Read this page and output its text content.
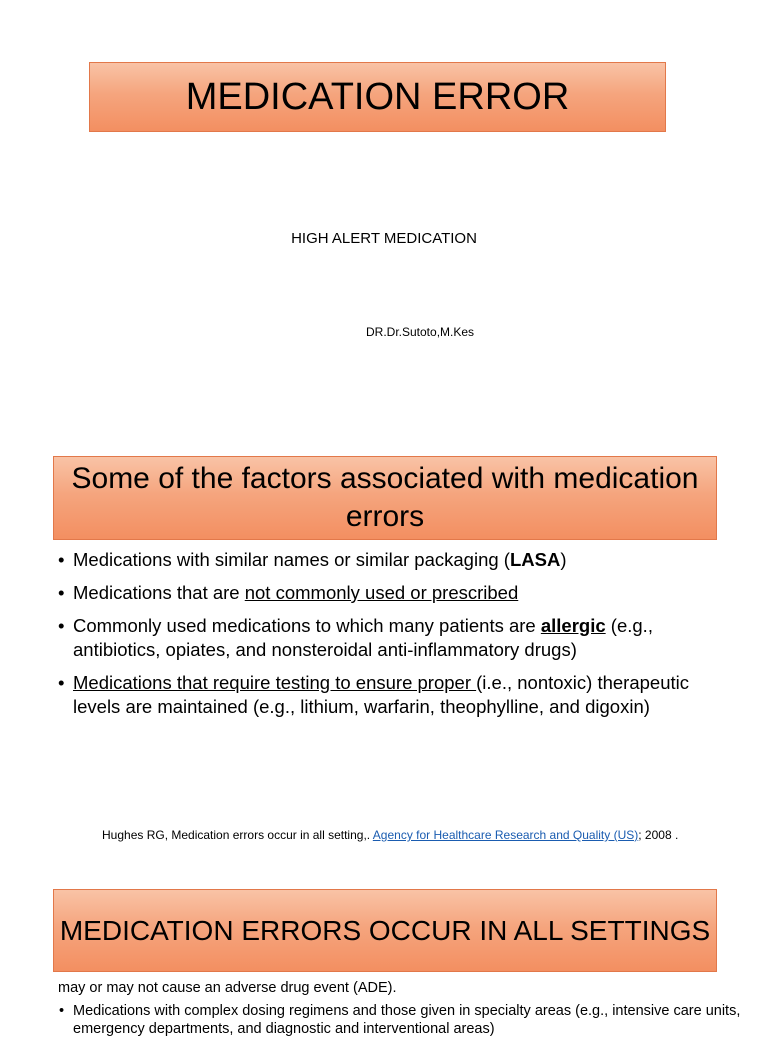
MEDICATION ERROR
HIGH ALERT MEDICATION
DR.Dr.Sutoto,M.Kes
Some of the factors associated with medication errors
• Medications with similar names or similar packaging (LASA)
• Medications that are not commonly used or prescribed
• Commonly used medications to which many patients are allergic (e.g., antibiotics, opiates, and nonsteroidal anti-inflammatory drugs)
• Medications that require testing to ensure proper (i.e., nontoxic) therapeutic levels are maintained (e.g., lithium, warfarin, theophylline, and digoxin)
Hughes RG, Medication errors occur in all setting,. Agency for Healthcare Research and Quality (US); 2008 .
MEDICATION ERRORS OCCUR IN ALL SETTINGS
may or may not cause an adverse drug event (ADE).
• Medications with complex dosing regimens and those given in specialty areas (e.g., intensive care units, emergency departments, and diagnostic and interventional areas)
